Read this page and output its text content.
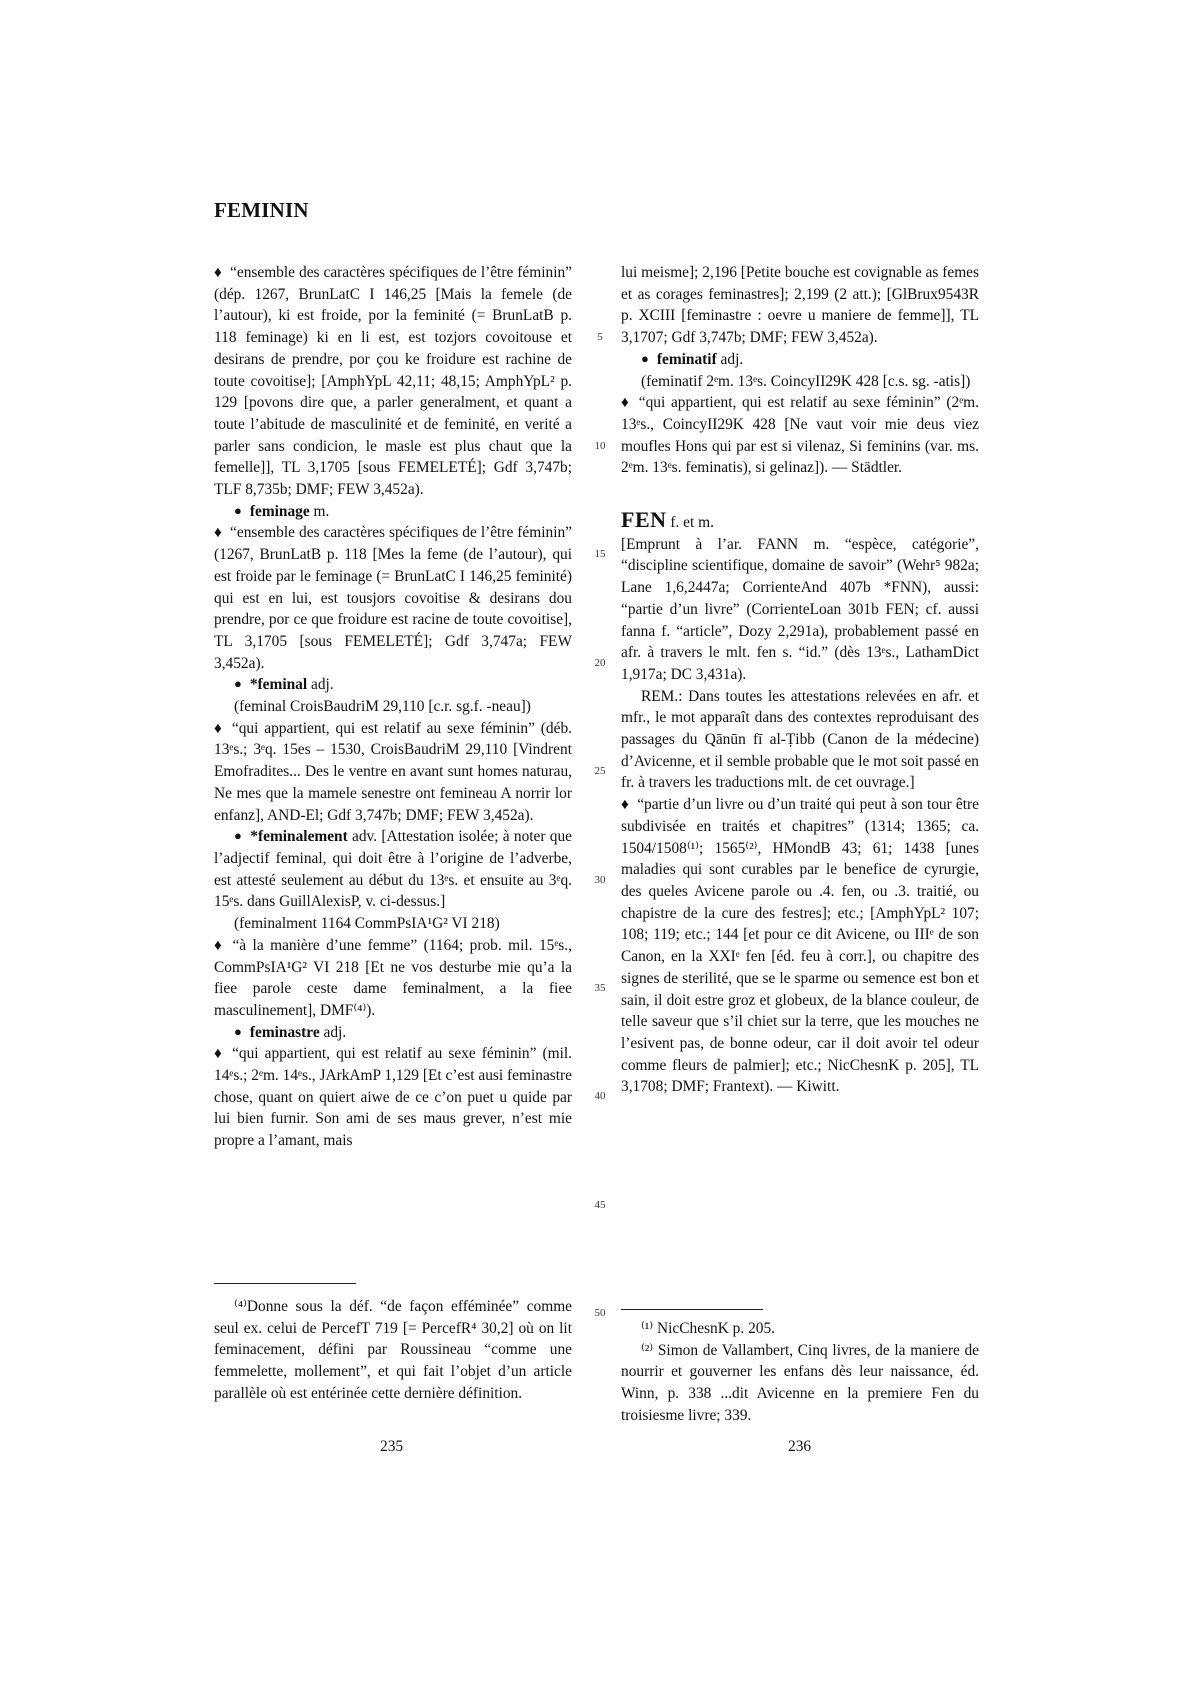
FEMININ

♦ “ensemble des caractères spécifiques de l’être féminin” (dép. 1267, BrunLatC I 146,25 [Mais la femele (de l’autour), ki est froide, por la feminité (= BrunLatB p. 118 feminage) ki en li est, est tozjors covoitouse et desirans de prendre, por çou ke froidure est rachine de toute covoitise]; [AmphYpL 42,11; 48,15; AmphYpL² p. 129 [povons dire que, a parler generalment, et quant a toute l’abitude de masculinité et de feminité, en verité a parler sans condicion, le masle est plus chaut que la femelle]], TL 3,1705 [sous FEMELETÉ]; Gdf 3,747b; TLF 8,735b; DMF; FEW 3,452a).

● feminage m.

♦ “ensemble des caractères spécifiques de l’être féminin” (1267, BrunLatB p. 118 [Mes la feme (de l’autour), qui est froide par le feminage (= BrunLatC I 146,25 feminité) qui est en lui, est tousjors covoitise & desirans dou prendre, por ce que froidure est racine de toute covoitise], TL 3,1705 [sous FEMELETÉ]; Gdf 3,747a; FEW 3,452a).

● *feminal adj.

(feminal CroisBaudriM 29,110 [c.r. sg.f. -neau])

♦ “qui appartient, qui est relatif au sexe féminin” (déb. 13ᵉs.; 3ᵉq. 15es – 1530, CroisBaudriM 29,110 [Vindrent Emofradites... Des le ventre en avant sunt homes naturau, Ne mes que la mamele senestre ont femineau A norrir lor enfanz], AND-El; Gdf 3,747b; DMF; FEW 3,452a).

● *feminalement adv. [Attestation isolée; à noter que l’adjectif feminal, qui doit être à l’origine de l’adverbe, est attesté seulement au début du 13ᵉs. et ensuite au 3ᵉq. 15ᵉs. dans GuillAlexisP, v. ci-dessus.]

(feminalment 1164 CommPsIA¹G² VI 218)

♦ “à la manière d’une femme” (1164; prob. mil. 15ᵉs., CommPsIA¹G² VI 218 [Et ne vos desturbe mie qu’a la fiee parole ceste dame feminalment, a la fiee masculinement], DMF⁽⁴⁾).

● feminastre adj.

♦ “qui appartient, qui est relatif au sexe féminin” (mil. 14ᵉs.; 2ᵉm. 14ᵉs., JArkAmP 1,129 [Et c’est ausi feminastre chose, quant on quiert aiwe de ce c’on puet u quide par lui bien furnir. Son ami de ses maus grever, n’est mie propre a l’amant, mais

5
10
15
20
25
30
35
40
45
50

lui meisme]; 2,196 [Petite bouche est covignable as femes et as corages feminastres]; 2,199 (2 att.); [GlBrux9543R p. XCIII [feminastre : oevre u maniere de femme]], TL 3,1707; Gdf 3,747b; DMF; FEW 3,452a).

● feminatif adj.

(feminatif 2ᵉm. 13ᵉs. CoincyII29K 428 [c.s. sg. -atis])

♦ “qui appartient, qui est relatif au sexe féminin” (2ᵉm. 13ᵉs., CoincyII29K 428 [Ne vaut voir mie deus viez moufles Hons qui par est si vilenaz, Si feminins (var. ms. 2ᵉm. 13ᵉs. feminatis), si gelinaz]). — Städtler.

FEN f. et m.

[Emprunt à l’ar. FANN m. “espèce, catégorie”, “discipline scientifique, domaine de savoir” (Wehr⁵ 982a; Lane 1,6,2447a; CorrienteAnd 407b *FNN), aussi: “partie d’un livre” (CorrienteLoan 301b FEN; cf. aussi fanna f. “article”, Dozy 2,291a), probablement passé en afr. à travers le mlt. fen s. “id.” (dès 13ᵉs., LathamDict 1,917a; DC 3,431a).

REM.: Dans toutes les attestations relevées en afr. et mfr., le mot apparaît dans des contextes reproduisant des passages du Qānūn fī al-Ṭibb (Canon de la médecine) d’Avicenne, et il semble probable que le mot soit passé en fr. à travers les traductions mlt. de cet ouvrage.]

♦ “partie d’un livre ou d’un traité qui peut à son tour être subdivisée en traités et chapitres” (1314; 1365; ca. 1504/1508⁽¹⁾; 1565⁽²⁾, HMondB 43; 61; 1438 [unes maladies qui sont curables par le benefice de cyrurgie, des queles Avicene parole ou .4. fen, ou .3. traitié, ou chapistre de la cure des festres]; etc.; [AmphYpL² 107; 108; 119; etc.; 144 [et pour ce dit Avicene, ou IIIᵉ de son Canon, en la XXIᵉ fen [éd. feu à corr.], ou chapitre des signes de sterilité, que se le sparme ou semence est bon et sain, il doit estre groz et globeux, de la blance couleur, de telle saveur que s’il chiet sur la terre, que les mouches ne l’esivent pas, de bonne odeur, car il doit avoir tel odeur comme fleurs de palmier]; etc.; NicChesnK p. 205], TL 3,1708; DMF; Frantext). — Kiwitt.

⁽⁴⁾Donne sous la déf. “de façon efféminée” comme seul ex. celui de PercefT 719 [= PercefR⁴ 30,2] où on lit feminacement, défini par Roussineau “comme une femmelette, mollement”, et qui fait l’objet d’un article parallèle où est entérinée cette dernière définition.

⁽¹⁾ NicChesnK p. 205.

⁽²⁾ Simon de Vallambert, Cinq livres, de la maniere de nourrir et gouverner les enfans dès leur naissance, éd. Winn, p. 338 ...dit Avicenne en la premiere Fen du troisiesme livre; 339.

235	236
